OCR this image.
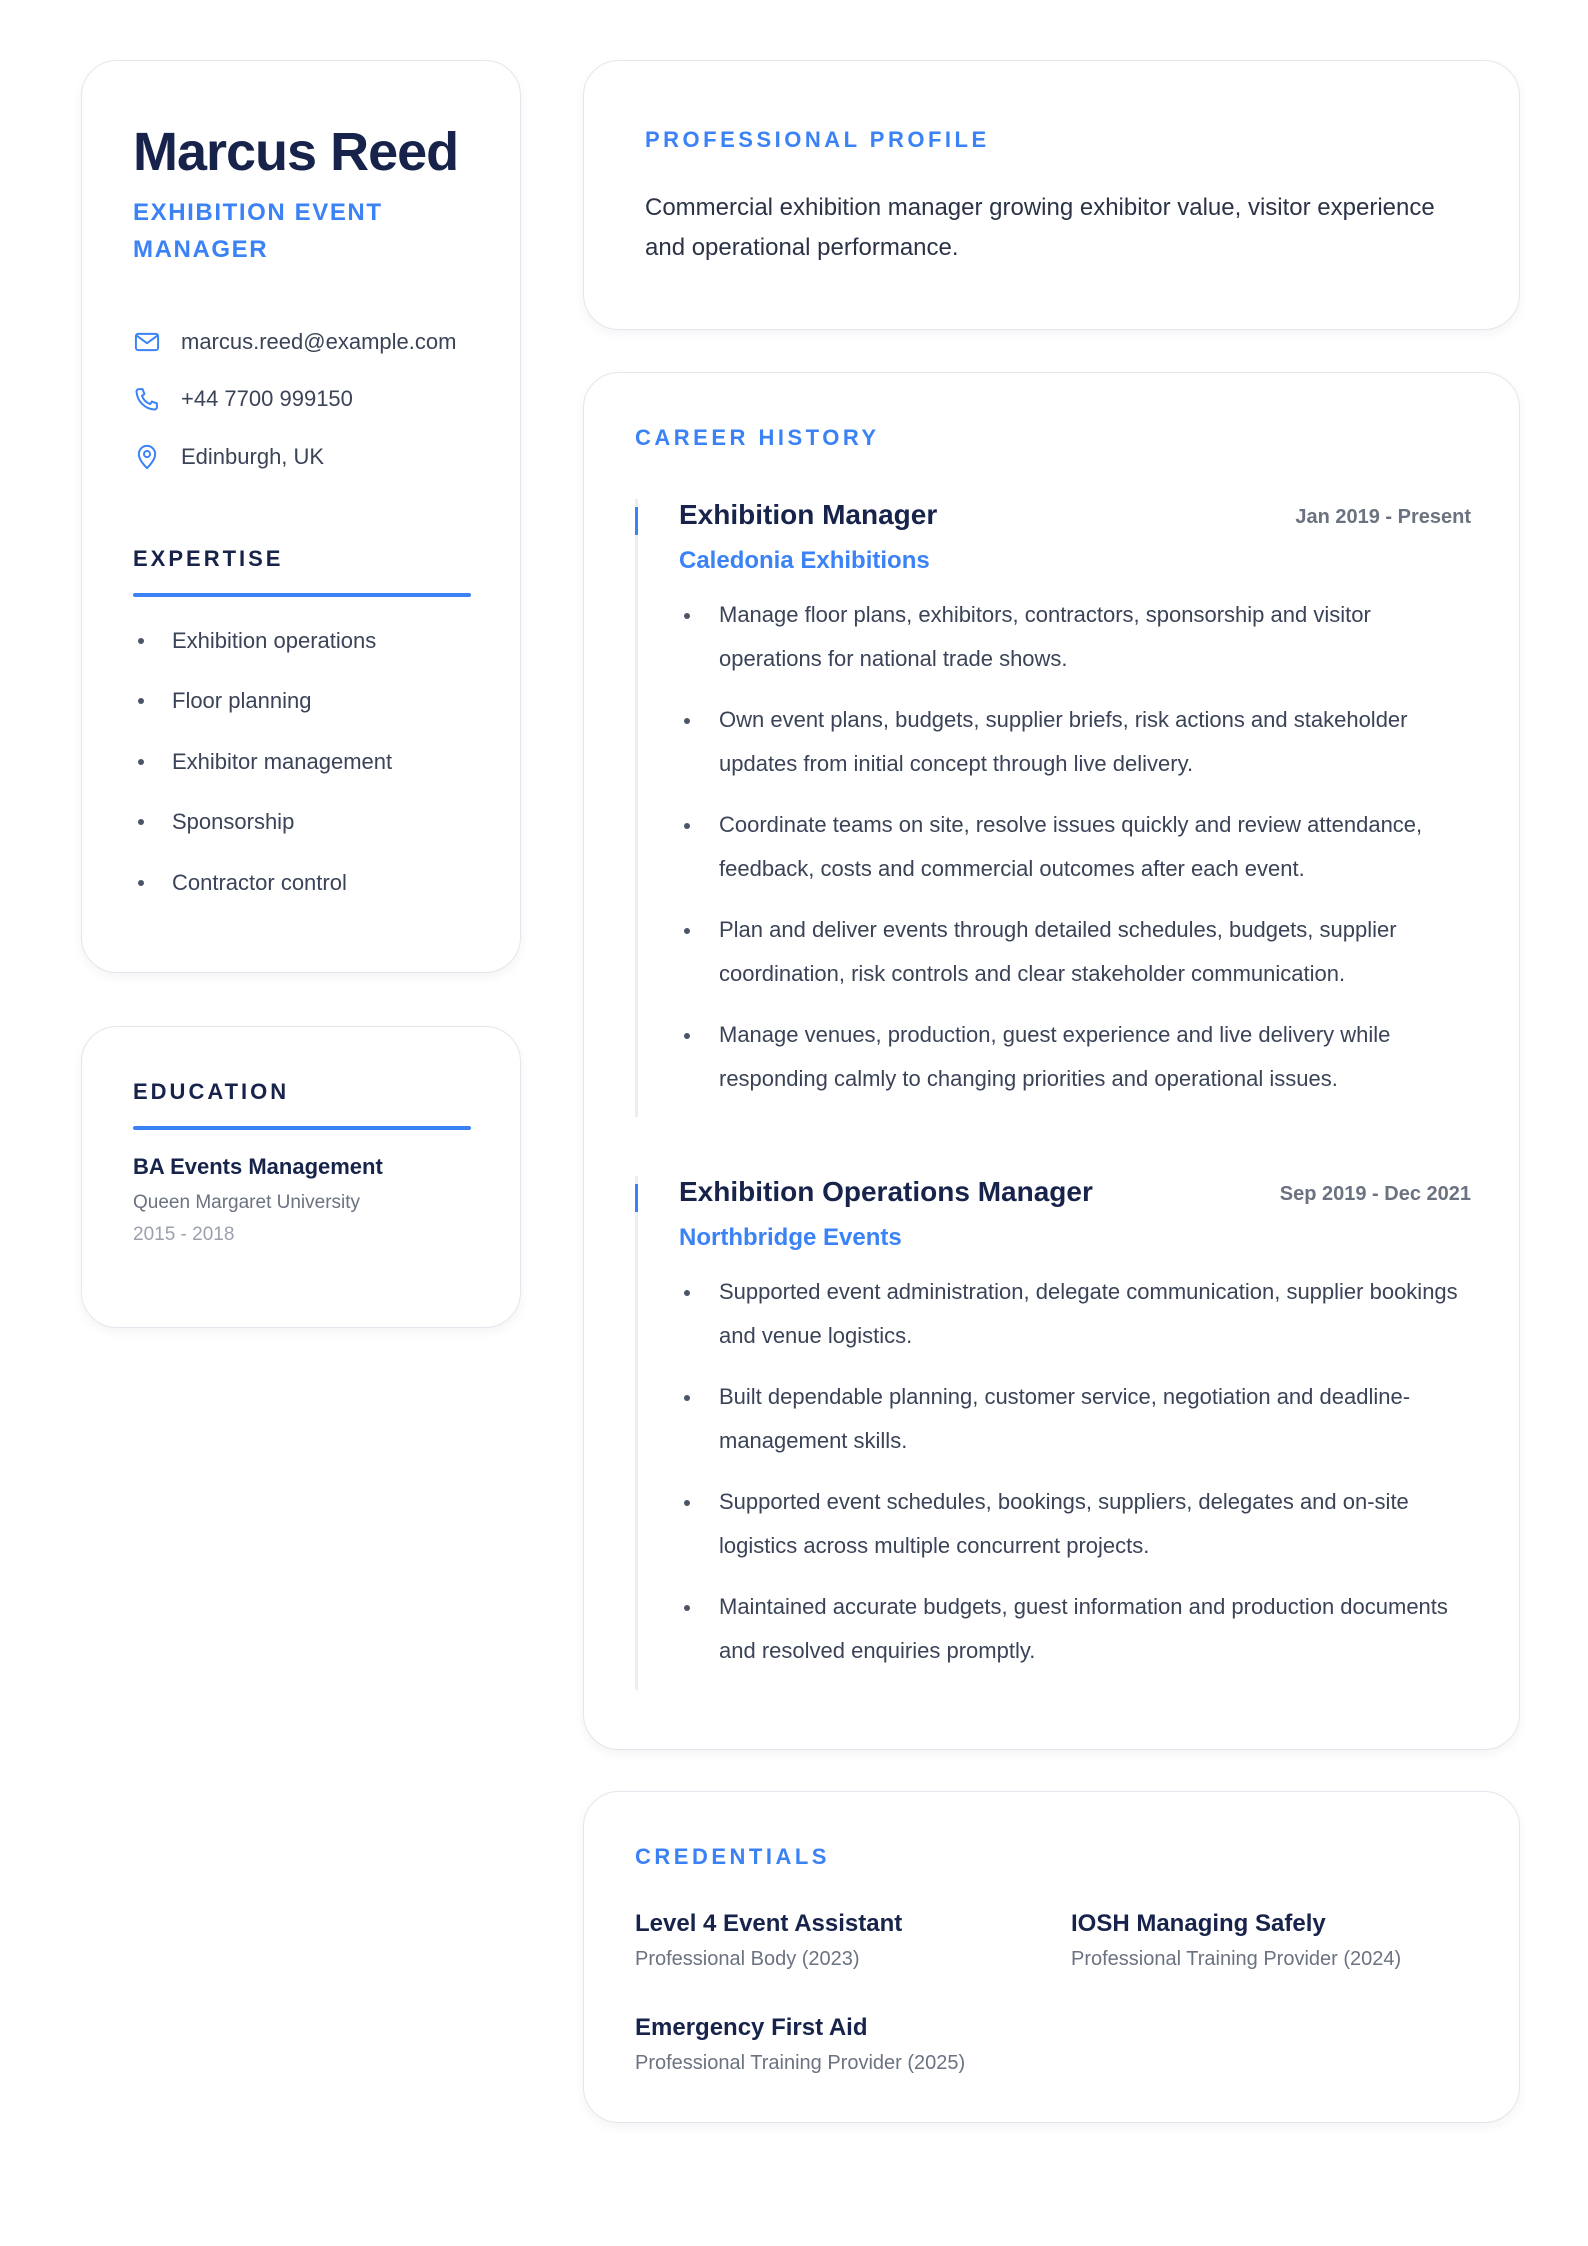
Marcus Reed
EXHIBITION EVENT MANAGER
marcus.reed@example.com
+44 7700 999150
Edinburgh, UK
EXPERTISE
Exhibition operations
Floor planning
Exhibitor management
Sponsorship
Contractor control
EDUCATION
BA Events Management
Queen Margaret University
2015 - 2018
PROFESSIONAL PROFILE

Commercial exhibition manager growing exhibitor value, visitor experience and operational performance.

CAREER HISTORY
Exhibition Manager	Jan 2019 - Present
Caledonia Exhibitions
Manage floor plans, exhibitors, contractors, sponsorship and visitor operations for national trade shows.
Own event plans, budgets, supplier briefs, risk actions and stakeholder updates from initial concept through live delivery.
Coordinate teams on site, resolve issues quickly and review attendance, feedback, costs and commercial outcomes after each event.
Plan and deliver events through detailed schedules, budgets, supplier coordination, risk controls and clear stakeholder communication.
Manage venues, production, guest experience and live delivery while responding calmly to changing priorities and operational issues.
Exhibition Operations Manager	Sep 2019 - Dec 2021
Northbridge Events
Supported event administration, delegate communication, supplier bookings and venue logistics.
Built dependable planning, customer service, negotiation and deadline-management skills.
Supported event schedules, bookings, suppliers, delegates and on-site logistics across multiple concurrent projects.
Maintained accurate budgets, guest information and production documents and resolved enquiries promptly.
CREDENTIALS
Level 4 Event Assistant
Professional Body (2023)
IOSH Managing Safely
Professional Training Provider (2024)
Emergency First Aid
Professional Training Provider (2025)
